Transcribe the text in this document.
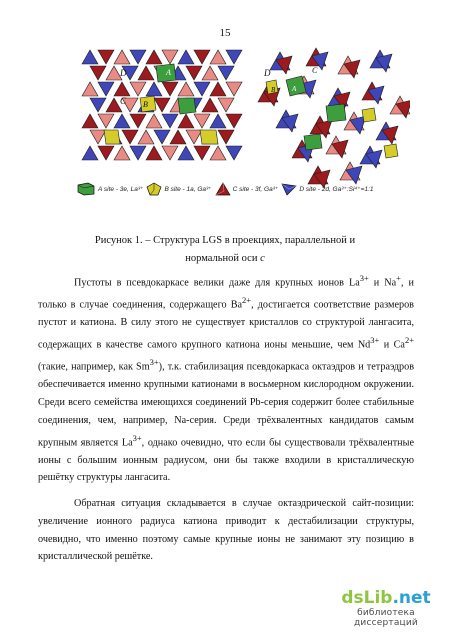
15
D	A
C B
D	C
B A
A site - 3e, La³⁺	B site - 1a, Ga³⁺	C site - 3f, Ga³⁺	D site - 2d, Ga³⁺:Si⁴⁺=1:1
Рисунок 1. – Структура LGS в проекциях, параллельной и
нормальной оси c

Пустоты в псевдокаркасе велики даже для крупных ионов $La^{3+}$ и Na+, и только в случае соединения, содержащего $Ba^{2+}$, достигается соответствие размеров пустот и катиона. В силу этого не существует кристаллов со структурой лангасита, содержащих в качестве самого крупного катиона ионы меньшие, чем $Nd^{3+}$ и $Ca^{2+}$ (такие, например, как $Sm^{3+}$), т.к. стабилизация псевдокаркаса октаэдров и тетраэдров обеспечивается именно крупными катионами в восьмерном кислородном окружении. Среди всего семейства имеющихся соединений Pb-серия содержит более стабильные соединения, чем, например, Na-серия. Среди трёхвалентных кандидатов самым крупным является $La^{3+}$, однако очевидно, что если бы существовали трёхвалентные ионы с большим ионным радиусом, они бы также входили в кристаллическую решётку структуры лангасита.

Обратная ситуация складывается в случае октаэдрической сайт-позиции: увеличение ионного радиуса катиона приводит к дестабилизации структуры, очевидно, что именно поэтому самые крупные ионы не занимают эту позицию в кристаллической решётке.

dsLib.net
библиотека диссертаций
